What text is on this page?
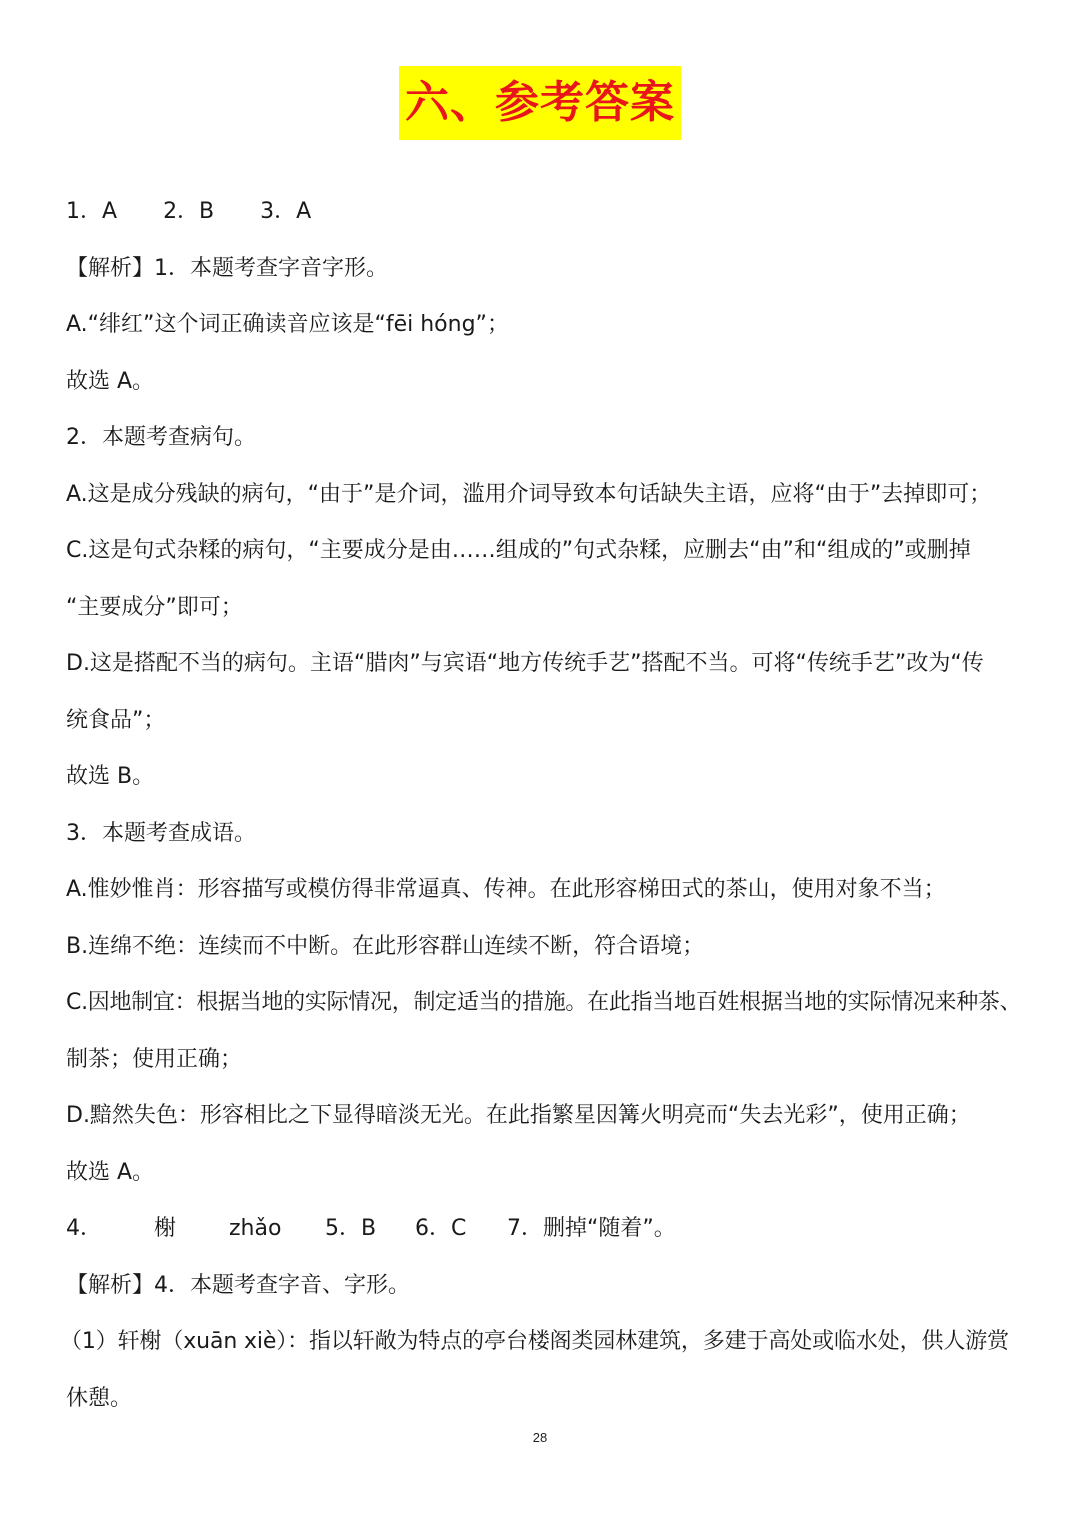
六、参考答案
1．A 2．B 3．A
【解析】1．本题考查字音字形。
A.“绯红”这个词正确读音应该是“fēi hóng”；
故选 A。
2．本题考查病句。
A.这是成分残缺的病句，“由于”是介词，滥用介词导致本句话缺失主语，应将“由于”去掉即可；
C.这是句式杂糅的病句，“主要成分是由……组成的”句式杂糅，应删去“由”和“组成的”或删掉
“主要成分”即可；
D.这是搭配不当的病句。主语“腊肉”与宾语“地方传统手艺”搭配不当。可将“传统手艺”改为“传
统食品”；
故选 B。
3．本题考查成语。
A.惟妙惟肖：形容描写或模仿得非常逼真、传神。在此形容梯田式的茶山，使用对象不当；
B.连绵不绝：连续而不中断。在此形容群山连续不断，符合语境；
C.因地制宜：根据当地的实际情况，制定适当的措施。在此指当地百姓根据当地的实际情况来种茶、
制茶；使用正确；
D.黯然失色：形容相比之下显得暗淡无光。在此指繁星因篝火明亮而“失去光彩”，使用正确；
故选 A。
4． 榭 zhǎo 5．B 6．C 7．删掉“随着”。
【解析】4．本题考查字音、字形。
（1）轩榭（xuān xiè）：指以轩敞为特点的亭台楼阁类园林建筑，多建于高处或临水处，供人游赏
休憩。
28
